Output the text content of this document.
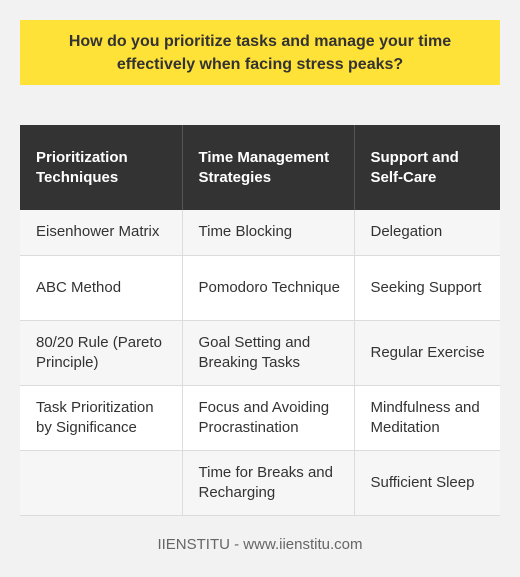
How do you prioritize tasks and manage your time effectively when facing stress peaks?
Prioritization Techniques	Time Management Strategies	Support and Self-Care
Eisenhower Matrix	Time Blocking	Delegation
ABC Method	Pomodoro Technique	Seeking Support
80/20 Rule (Pareto Principle)	Goal Setting and Breaking Tasks	Regular Exercise
Task Prioritization by Significance	Focus and Avoiding Procrastination	Mindfulness and Meditation
	Time for Breaks and Recharging	Sufficient Sleep
IIENSTITU - www.iienstitu.com
